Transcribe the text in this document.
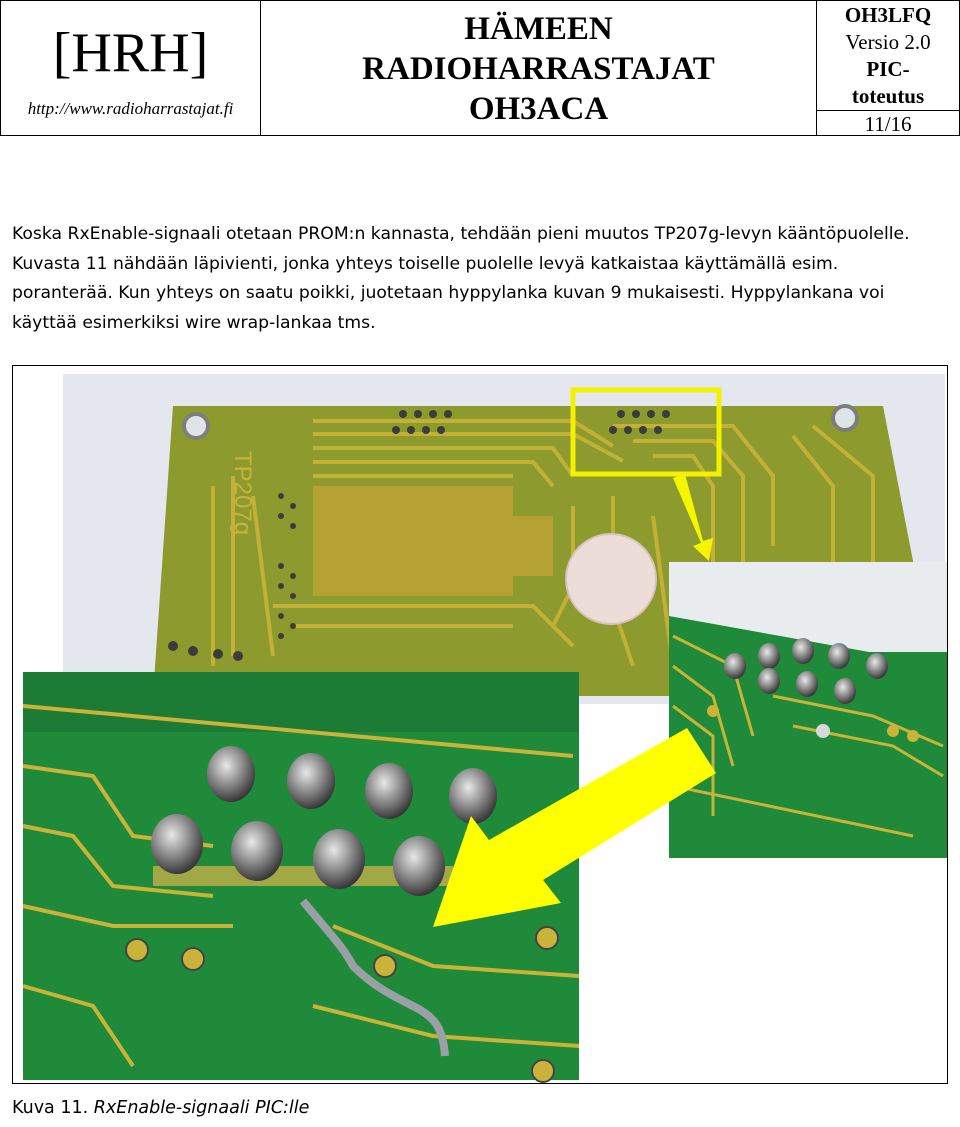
[HRH]
http://www.radioharrastajat.fi
HÄMEEN
RADIOHARRASTAJAT
OH3ACA
OH3LFQ
Versio 2.0
PIC-
toteutus
11/16
Koska RxEnable-signaali otetaan PROM:n kannasta, tehdään pieni muutos TP207g-levyn kääntöpuolelle. Kuvasta 11 nähdään läpivienti, jonka yhteys toiselle puolelle levyä katkaistaa käyttämällä esim. poranterää. Kun yhteys on saatu poikki, juotetaan hyppylanka kuvan 9 mukaisesti. Hyppylankana voi käyttää esimerkiksi wire wrap-lankaa tms.
TP207g
Kuva 11. RxEnable-signaali PIC:lle
